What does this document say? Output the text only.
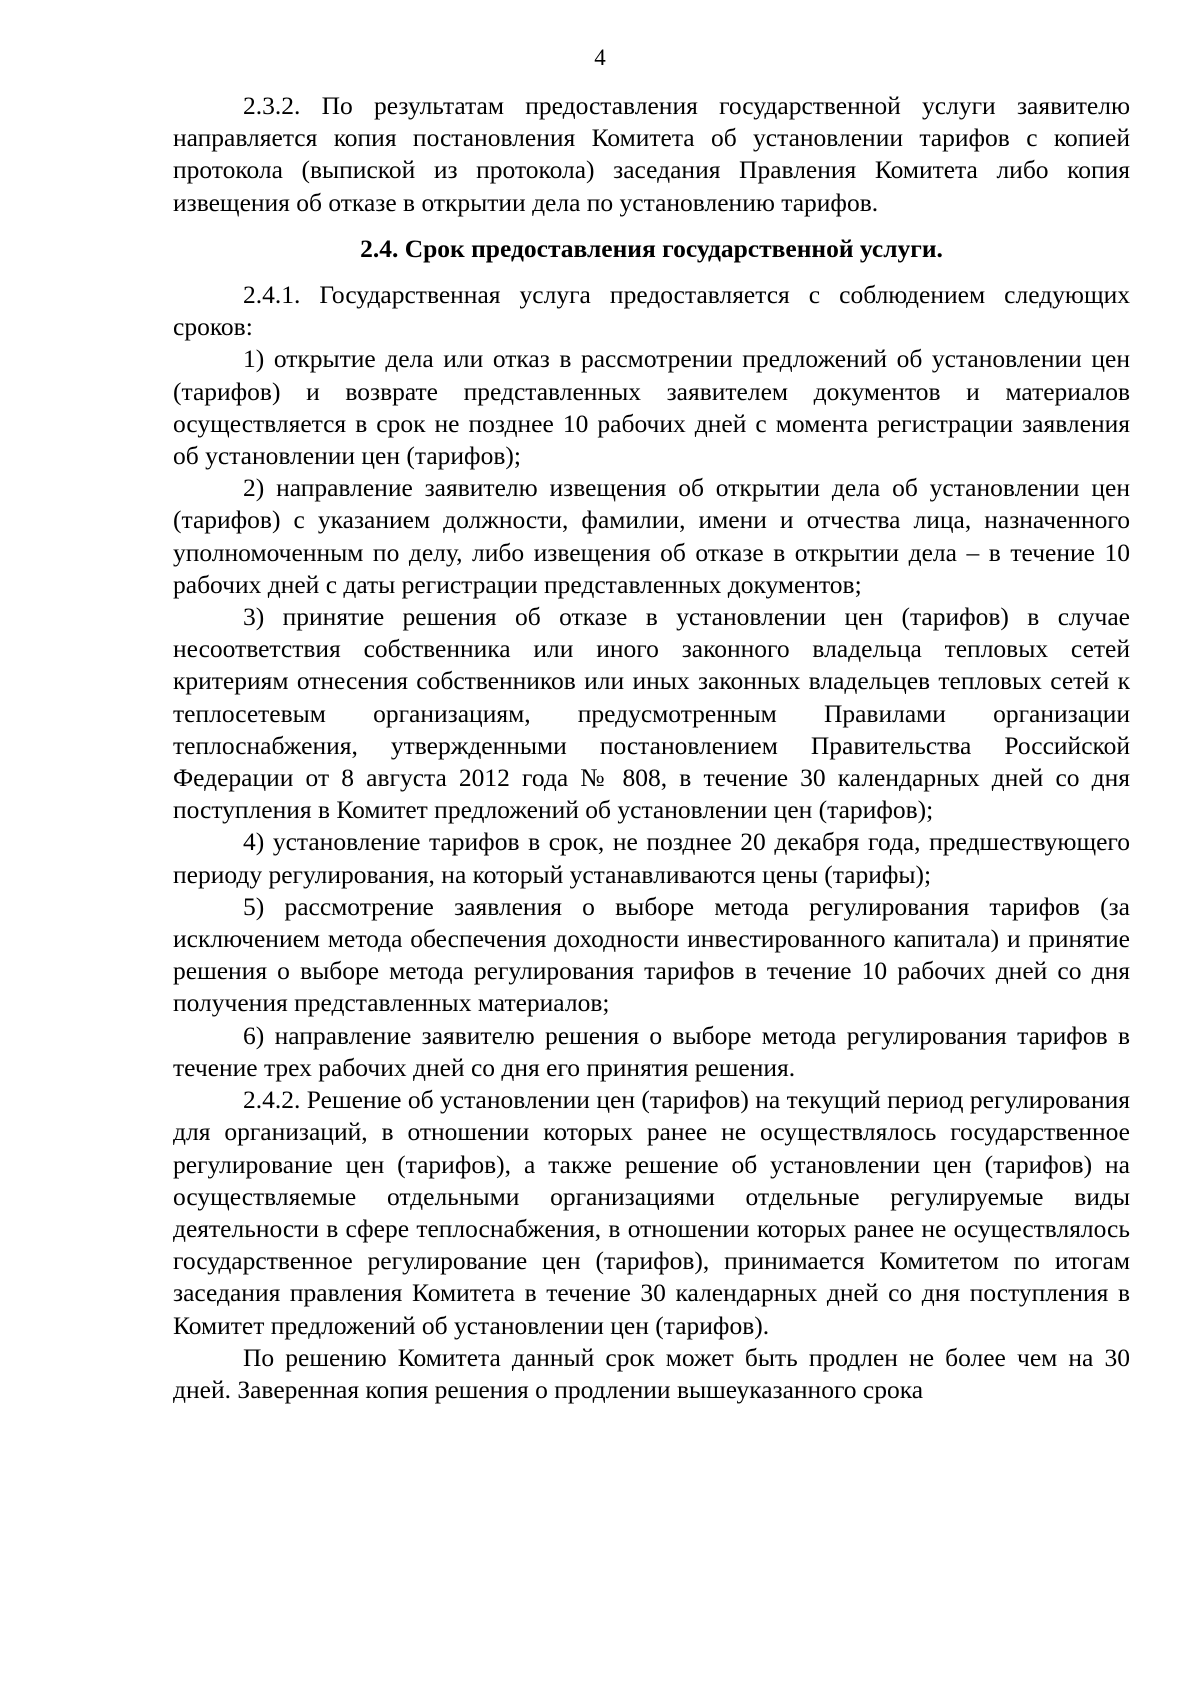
4

2.3.2. По результатам предоставления государственной услуги заявителю направляется копия постановления Комитета об установлении тарифов с копией протокола (выпиской из протокола) заседания Правления Комитета либо копия извещения об отказе в открытии дела по установлению тарифов.

2.4. Срок предоставления государственной услуги.

2.4.1. Государственная услуга предоставляется с соблюдением следующих сроков:

1) открытие дела или отказ в рассмотрении предложений об установлении цен (тарифов) и возврате представленных заявителем документов и материалов осуществляется в срок не позднее 10 рабочих дней с момента регистрации заявления об установлении цен (тарифов);

2) направление заявителю извещения об открытии дела об установлении цен (тарифов) с указанием должности, фамилии, имени и отчества лица, назначенного уполномоченным по делу, либо извещения об отказе в открытии дела – в течение 10 рабочих дней с даты регистрации представленных документов;

3) принятие решения об отказе в установлении цен (тарифов) в случае несоответствия собственника или иного законного владельца тепловых сетей критериям отнесения собственников или иных законных владельцев тепловых сетей к теплосетевым организациям, предусмотренным Правилами организации теплоснабжения, утвержденными постановлением Правительства Российской Федерации от 8 августа 2012 года № 808, в течение 30 календарных дней со дня поступления в Комитет предложений об установлении цен (тарифов);

4) установление тарифов в срок, не позднее 20 декабря года, предшествующего периоду регулирования, на который устанавливаются цены (тарифы);

5) рассмотрение заявления о выборе метода регулирования тарифов (за исключением метода обеспечения доходности инвестированного капитала) и принятие решения о выборе метода регулирования тарифов в течение 10 рабочих дней со дня получения представленных материалов;

6) направление заявителю решения о выборе метода регулирования тарифов в течение трех рабочих дней со дня его принятия решения.

2.4.2. Решение об установлении цен (тарифов) на текущий период регулирования для организаций, в отношении которых ранее не осуществлялось государственное регулирование цен (тарифов), а также решение об установлении цен (тарифов) на осуществляемые отдельными организациями отдельные регулируемые виды деятельности в сфере теплоснабжения, в отношении которых ранее не осуществлялось государственное регулирование цен (тарифов), принимается Комитетом по итогам заседания правления Комитета в течение 30 календарных дней со дня поступления в Комитет предложений об установлении цен (тарифов).

По решению Комитета данный срок может быть продлен не более чем на 30 дней. Заверенная копия решения о продлении вышеуказанного срока
